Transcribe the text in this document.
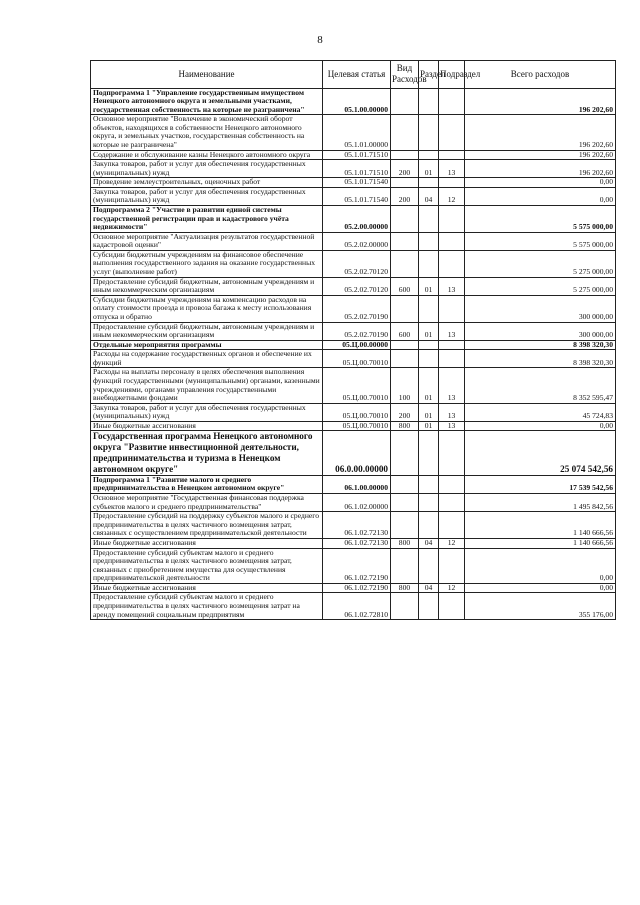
8
Наименование	Целевая статья	Вид Расходов	Раздел	Подраздел	Всего расходов
Подпрограмма 1 "Управление государственным имуществом Ненецкого автономного округа и земельными участками, государственная собственность на которые не разграничена"	05.1.00.00000				196 202,60
Основное мероприятие "Вовлечение в экономический оборот объектов, находящихся в собственности Ненецкого автономного округа, и земельных участков, государственная собственность на которые не разграничена"	05.1.01.00000				196 202,60
Содержание и обслуживание казны Ненецкого автономного округа	05.1.01.71510				196 202,60
Закупка товаров, работ и услуг для обеспечения государственных (муниципальных) нужд	05.1.01.71510	200	01	13	196 202,60
Проведение землеустроительных, оценочных работ	05.1.01.71540				0,00
Закупка товаров, работ и услуг для обеспечения государственных (муниципальных) нужд	05.1.01.71540	200	04	12	0,00
Подпрограмма 2 "Участие в развитии единой системы государственной регистрации прав и кадастрового учёта недвижимости"	05.2.00.00000				5 575 000,00
Основное мероприятие "Актуализация результатов государственной кадастровой оценки"	05.2.02.00000				5 575 000,00
Субсидии бюджетным учреждениям на финансовое обеспечение выполнения государственного задания на оказание государственных услуг (выполнение работ)	05.2.02.70120				5 275 000,00
Предоставление субсидий бюджетным, автономным учреждениям и иным некоммерческим организациям	05.2.02.70120	600	01	13	5 275 000,00
Субсидии бюджетным учреждениям на компенсацию расходов на оплату стоимости проезда и провоза багажа к месту использования отпуска и обратно	05.2.02.70190				300 000,00
Предоставление субсидий бюджетным, автономным учреждениям и иным некоммерческим организациям	05.2.02.70190	600	01	13	300 000,00
Отдельные мероприятия программы	05.Ц.00.00000				8 398 320,30
Расходы на содержание государственных органов и обеспечение их функций	05.Ц.00.70010				8 398 320,30
Расходы на выплаты персоналу в целях обеспечения выполнения функций государственными (муниципальными) органами, казенными учреждениями, органами управления государственными внебюджетными фондами	05.Ц.00.70010	100	01	13	8 352 595,47
Закупка товаров, работ и услуг для обеспечения государственных (муниципальных) нужд	05.Ц.00.70010	200	01	13	45 724,83
Иные бюджетные ассигнования	05.Ц.00.70010	800	01	13	0,00
Государственная программа Ненецкого автономного округа "Развитие инвестиционной деятельности, предпринимательства и туризма в Ненецком автономном округе"	06.0.00.00000				25 074 542,56
Подпрограмма 1 "Развитие малого и среднего предпринимательства в Ненецком автономном округе"	06.1.00.00000				17 539 542,56
Основное мероприятие "Государственная финансовая поддержка субъектов малого и среднего предпринимательства"	06.1.02.00000				1 495 842,56
Предоставление субсидий на поддержку субъектов малого и среднего предпринимательства в целях частичного возмещения затрат, связанных с осуществлением предпринимательской деятельности	06.1.02.72130				1 140 666,56
Иные бюджетные ассигнования	06.1.02.72130	800	04	12	1 140 666,56
Предоставление субсидий субъектам малого и среднего предпринимательства в целях частичного возмещения затрат, связанных с приобретением имущества для осуществления предпринимательской деятельности	06.1.02.72190				0,00
Иные бюджетные ассигнования	06.1.02.72190	800	04	12	0,00
Предоставление субсидий субъектам малого и среднего предпринимательства в целях частичного возмещения затрат на аренду помещений социальным предприятиям	06.1.02.72810				355 176,00
